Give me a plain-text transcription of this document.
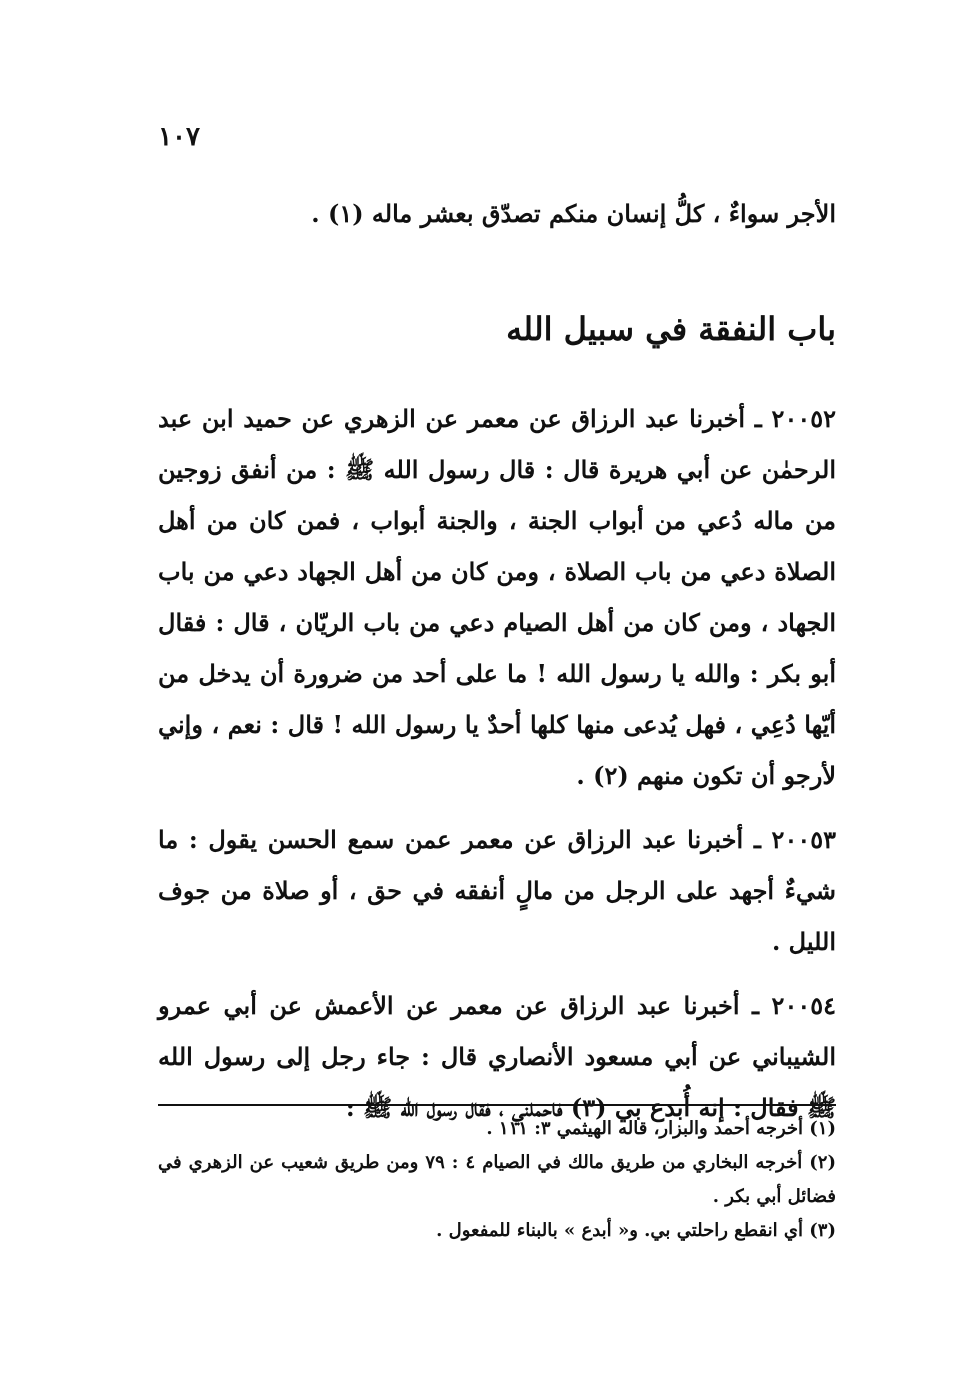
١٠٧

الأجر سواءٌ ، كلُّ إنسان منكم تصدّق بعشر ماله (١) .

باب النفقة في سبيل الله

٢٠٠٥٢ ـ أخبرنا عبد الرزاق عن معمر عن الزهري عن حميد ابن عبد الرحمٰن عن أبي هريرة قال : قال رسول الله ﷺ : من أنفق زوجين من ماله دُعي من أبواب الجنة ، والجنة أبواب ، فمن كان من أهل الصلاة دعي من باب الصلاة ، ومن كان من أهل الجهاد دعي من باب الجهاد ، ومن كان من أهل الصيام دعي من باب الريّان ، قال : فقال أبو بكر : والله يا رسول الله ! ما على أحد من ضرورة أن يدخل من أيّها دُعِي ، فهل يُدعى منها كلها أحدٌ يا رسول الله ! قال : نعم ، وإني لأرجو أن تكون منهم (٢) .

٢٠٠٥٣ ـ أخبرنا عبد الرزاق عن معمر عمن سمع الحسن يقول : ما شيءٌ أجهد على الرجل من مالٍ أنفقه في حق ، أو صلاة من جوف الليل .

٢٠٠٥٤ ـ أخبرنا عبد الرزاق عن معمر عن الأعمش عن أبي عمرو الشيباني عن أبي مسعود الأنصاري قال : جاء رجل إلى رسول الله ﷺ فقال : إنه أُبدع بي (٣) فاحملني ، فقال رسول الله ﷺ :

(١) أخرجه أحمد والبزار، قاله الهيثمي ٣: ١١١ .

(٢) أخرجه البخاري من طريق مالك في الصيام ٤ : ٧٩ ومن طريق شعيب عن الزهري في فضائل أبي بكر .

(٣) أي انقطع راحلتي بي. و« أبدع » بالبناء للمفعول .
